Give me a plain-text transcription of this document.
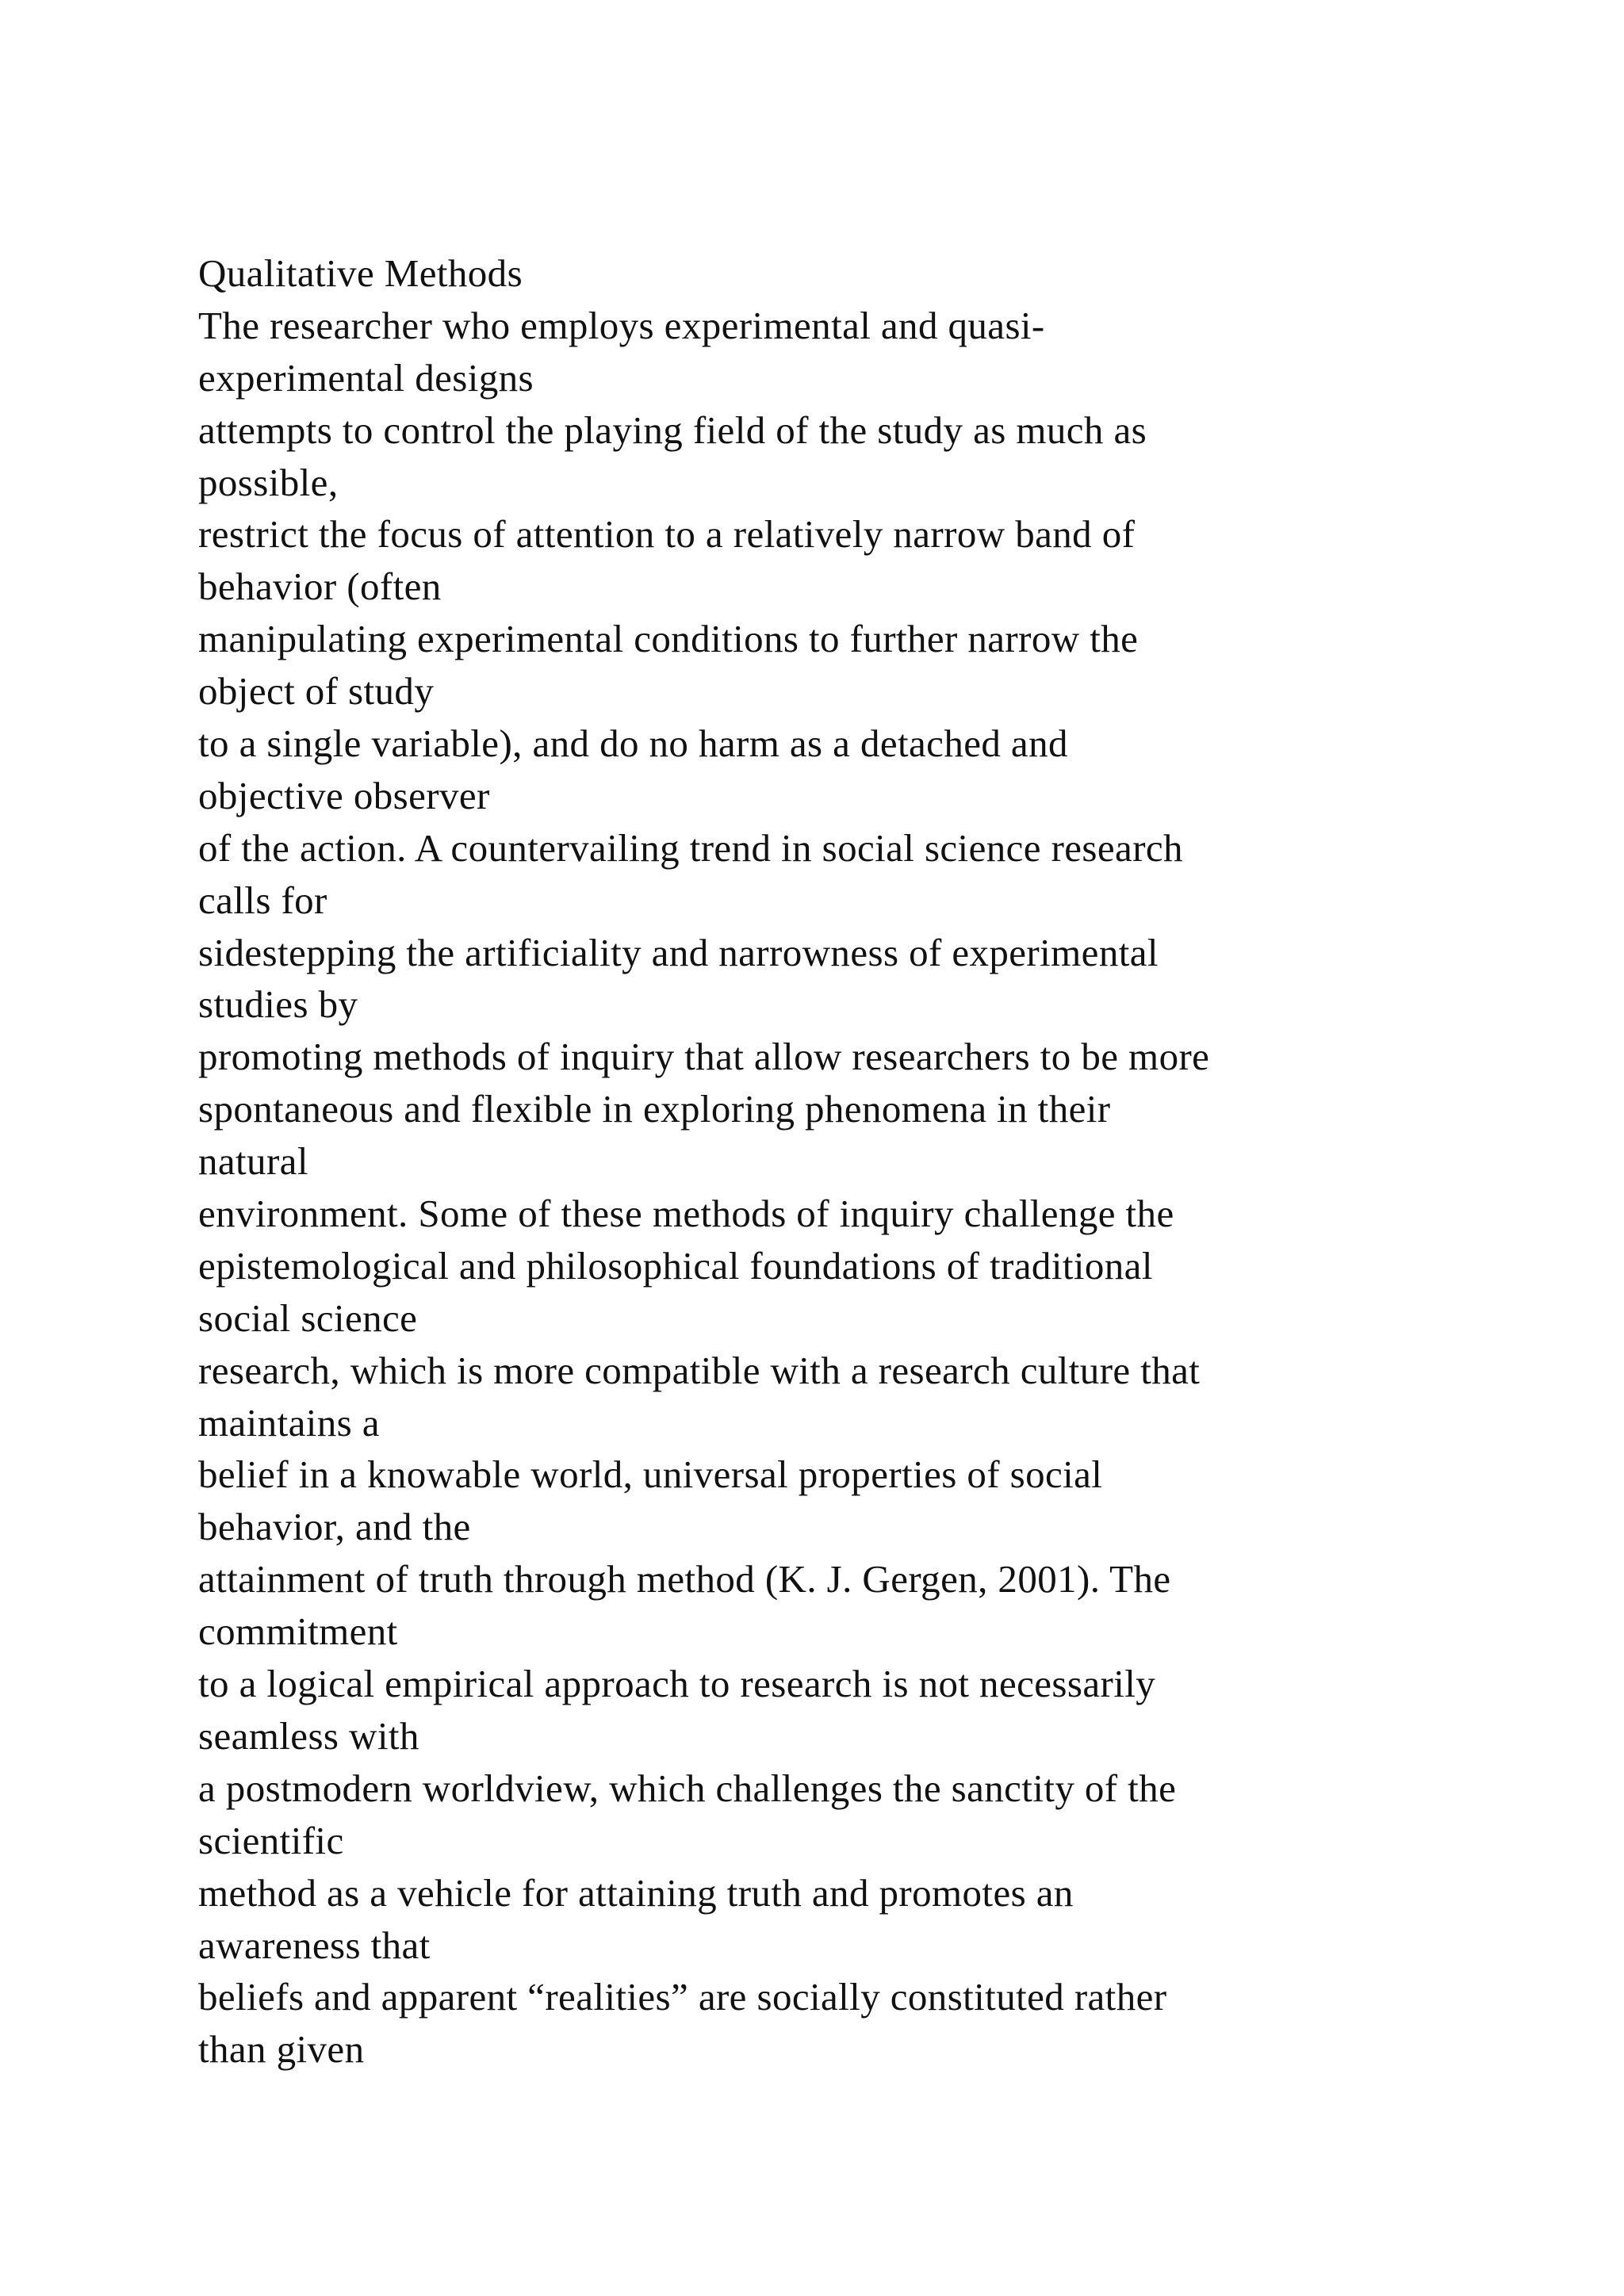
Qualitative Methods
The researcher who employs experimental and quasi-
experimental designs
attempts to control the playing field of the study as much as
possible,
restrict the focus of attention to a relatively narrow band of
behavior (often
manipulating experimental conditions to further narrow the
object of study
to a single variable), and do no harm as a detached and
objective observer
of the action. A countervailing trend in social science research
calls for
sidestepping the artificiality and narrowness of experimental
studies by
promoting methods of inquiry that allow researchers to be more
spontaneous and flexible in exploring phenomena in their
natural
environment. Some of these methods of inquiry challenge the
epistemological and philosophical foundations of traditional
social science
research, which is more compatible with a research culture that
maintains a
belief in a knowable world, universal properties of social
behavior, and the
attainment of truth through method (K. J. Gergen, 2001). The
commitment
to a logical empirical approach to research is not necessarily
seamless with
a postmodern worldview, which challenges the sanctity of the
scientific
method as a vehicle for attaining truth and promotes an
awareness that
beliefs and apparent “realities” are socially constituted rather
than given
